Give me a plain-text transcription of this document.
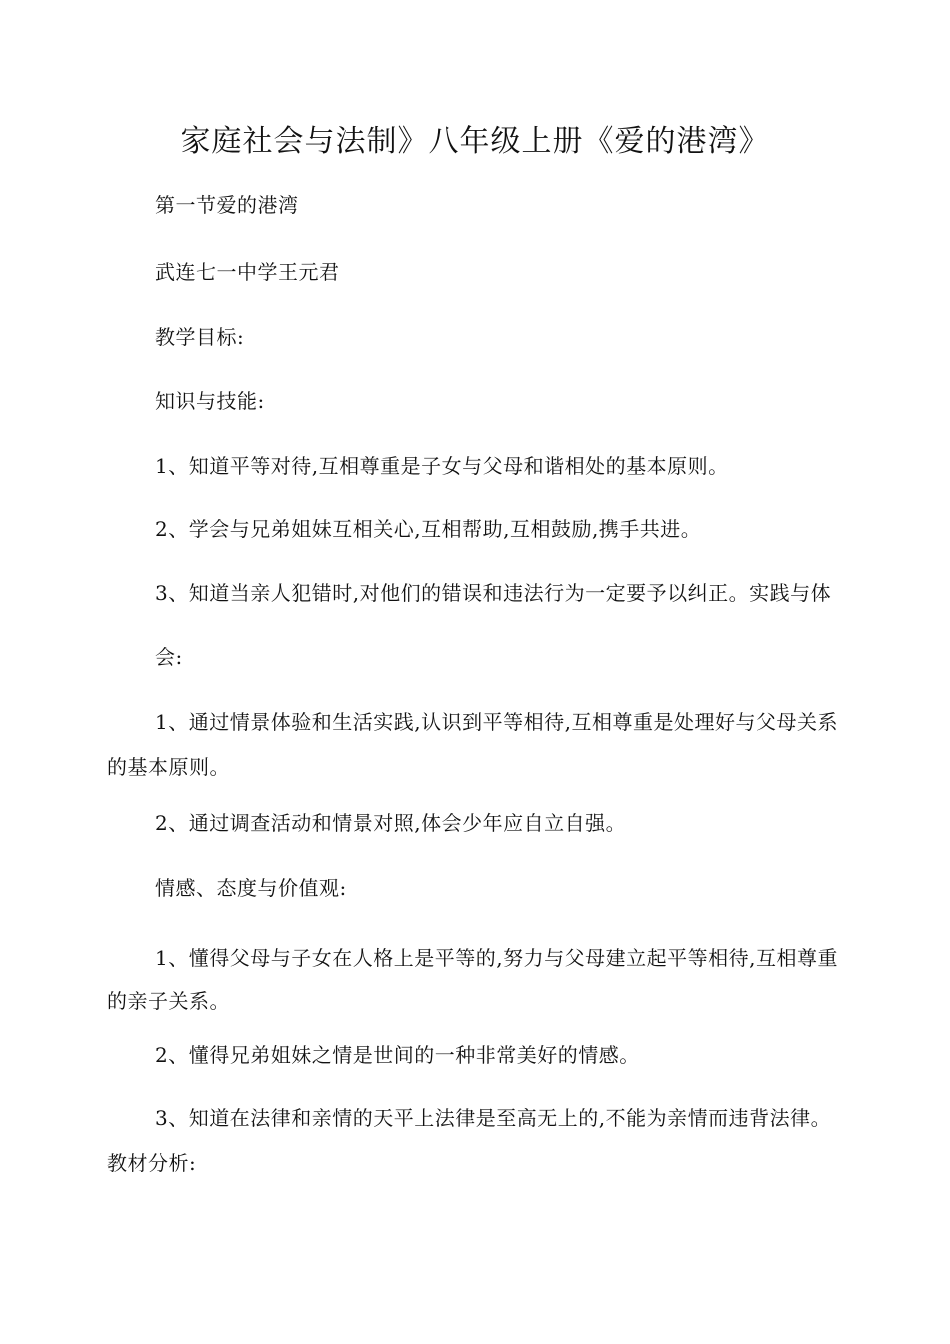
家庭社会与法制》八年级上册《爱的港湾》
第一节爱的港湾
武连七一中学王元君
教学目标:
知识与技能:
1、知道平等对待,互相尊重是子女与父母和谐相处的基本原则。
2、学会与兄弟姐妹互相关心,互相帮助,互相鼓励,携手共进。
3、知道当亲人犯错时,对他们的错误和违法行为一定要予以纠正。实践与体
会:
1、通过情景体验和生活实践,认识到平等相待,互相尊重是处理好与父母关系
的基本原则。
2、通过调查活动和情景对照,体会少年应自立自强。
情感、态度与价值观:
1、懂得父母与子女在人格上是平等的,努力与父母建立起平等相待,互相尊重
的亲子关系。
2、懂得兄弟姐妹之情是世间的一种非常美好的情感。
3、知道在法律和亲情的天平上法律是至高无上的,不能为亲情而违背法律。
教材分析:
